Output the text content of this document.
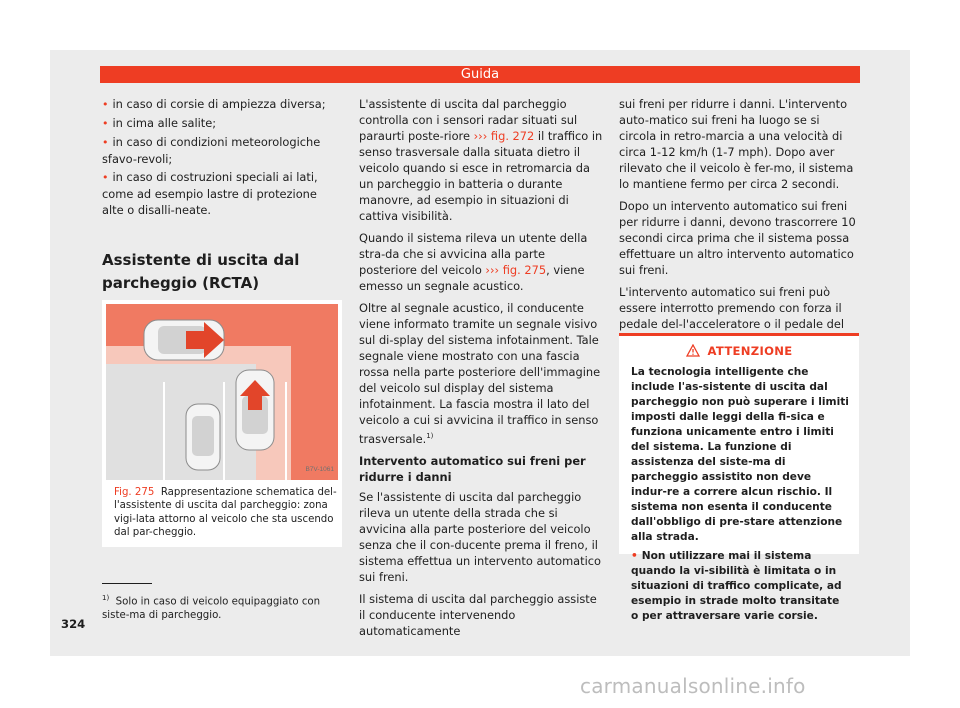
Guida
• in caso di corsie di ampiezza diversa;
• in cima alle salite;
• in caso di condizioni meteorologiche sfavo-revoli;
• in caso di costruzioni speciali ai lati, come ad esempio lastre di protezione alte o disalli-neate.
Assistente di uscita dal parcheggio (RCTA)
B7V-1061
Fig. 275 Rappresentazione schematica del-l'assistente di uscita dal parcheggio: zona vigi-lata attorno al veicolo che sta uscendo dal par-cheggio.
L'assistente di uscita dal parcheggio controlla con i sensori radar situati sul paraurti poste-riore ››› fig. 272 il traffico in senso trasversale dalla situata dietro il veicolo quando si esce in retromarcia da un parcheggio in batteria o durante manovre, ad esempio in situazioni di cattiva visibilità.
Quando il sistema rileva un utente della stra-da che si avvicina alla parte posteriore del veicolo ››› fig. 275, viene emesso un segnale acustico.
Oltre al segnale acustico, il conducente viene informato tramite un segnale visivo sul di-splay del sistema infotainment. Tale segnale viene mostrato con una fascia rossa nella parte posteriore dell'immagine del veicolo sul display del sistema infotainment. La fascia mostra il lato del veicolo a cui si avvicina il traffico in senso trasversale.$^{1)}$
Intervento automatico sui freni per ridurre i danni
Se l'assistente di uscita dal parcheggio rileva un utente della strada che si avvicina alla parte posteriore del veicolo senza che il con-ducente prema il freno, il sistema effettua un intervento automatico sui freni.
Il sistema di uscita dal parcheggio assiste il conducente intervenendo automaticamente
sui freni per ridurre i danni. L'intervento auto-matico sui freni ha luogo se si circola in retro-marcia a una velocità di circa 1-12 km/h (1-7 mph). Dopo aver rilevato che il veicolo è fer-mo, il sistema lo mantiene fermo per circa 2 secondi.
Dopo un intervento automatico sui freni per ridurre i danni, devono trascorrere 10 secondi circa prima che il sistema possa effettuare un altro intervento automatico sui freni.
L'intervento automatico sui freni può essere interrotto premendo con forza il pedale del-l'acceleratore o il pedale del
ATTENZIONE
La tecnologia intelligente che include l'as-sistente di uscita dal parcheggio non può superare i limiti imposti dalle leggi della fi-sica e funziona unicamente entro i limiti del sistema. La funzione di assistenza del siste-ma di parcheggio assistito non deve indur-re a correre alcun rischio. Il sistema non esenta il conducente dall'obbligo di pre-stare attenzione alla strada.
• Non utilizzare mai il sistema quando la vi-sibilità è limitata o in situazioni di traffico complicate, ad esempio in strade molto transitate o per attraversare varie corsie.
$^{1)}$ Solo in caso di veicolo equipaggiato con siste-ma di parcheggio.
324
carmanualsonline.info
